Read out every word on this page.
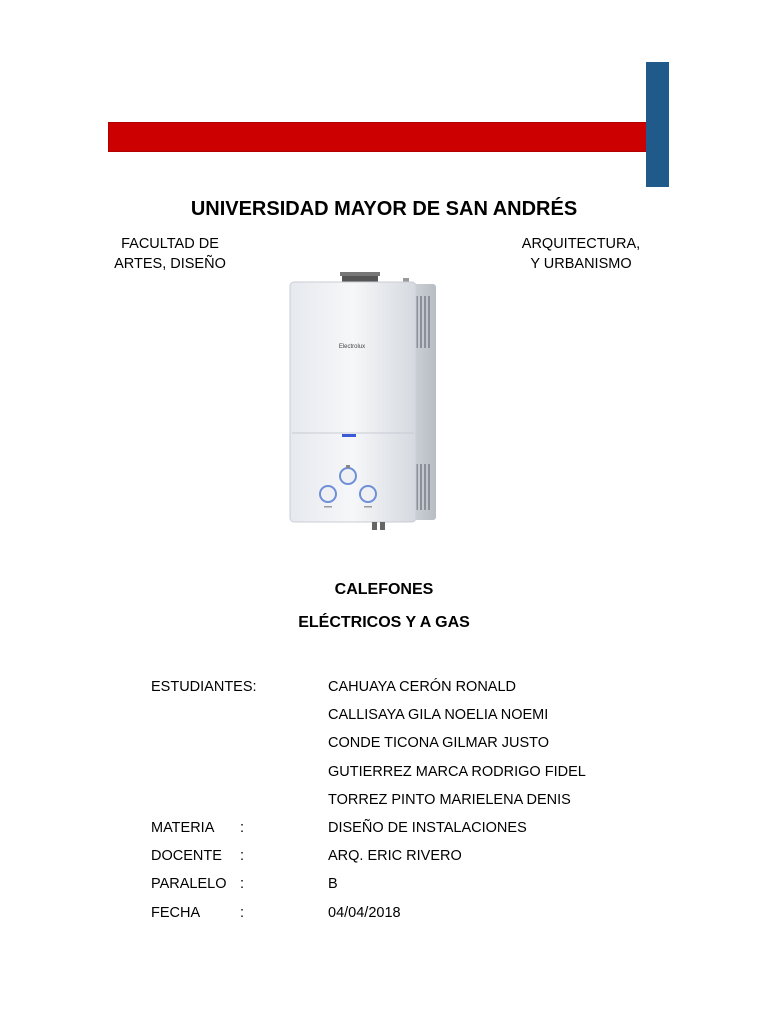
UNIVERSIDAD MAYOR DE SAN ANDRÉS
FACULTAD DE
ARTES, DISEÑO
ARQUITECTURA,
Y URBANISMO
Electrolux
CALEFONES
ELÉCTRICOS Y A GAS
ESTUDIANTES:	CAHUAYA CERÓN RONALD
CALLISAYA GILA NOELIA NOEMI
CONDE TICONA GILMAR JUSTO
GUTIERREZ MARCA RODRIGO FIDEL
TORREZ PINTO MARIELENA DENIS
MATERIA :	DISEÑO DE INSTALACIONES
DOCENTE :	ARQ. ERIC RIVERO
PARALELO :	B
FECHA	:	04/04/2018
